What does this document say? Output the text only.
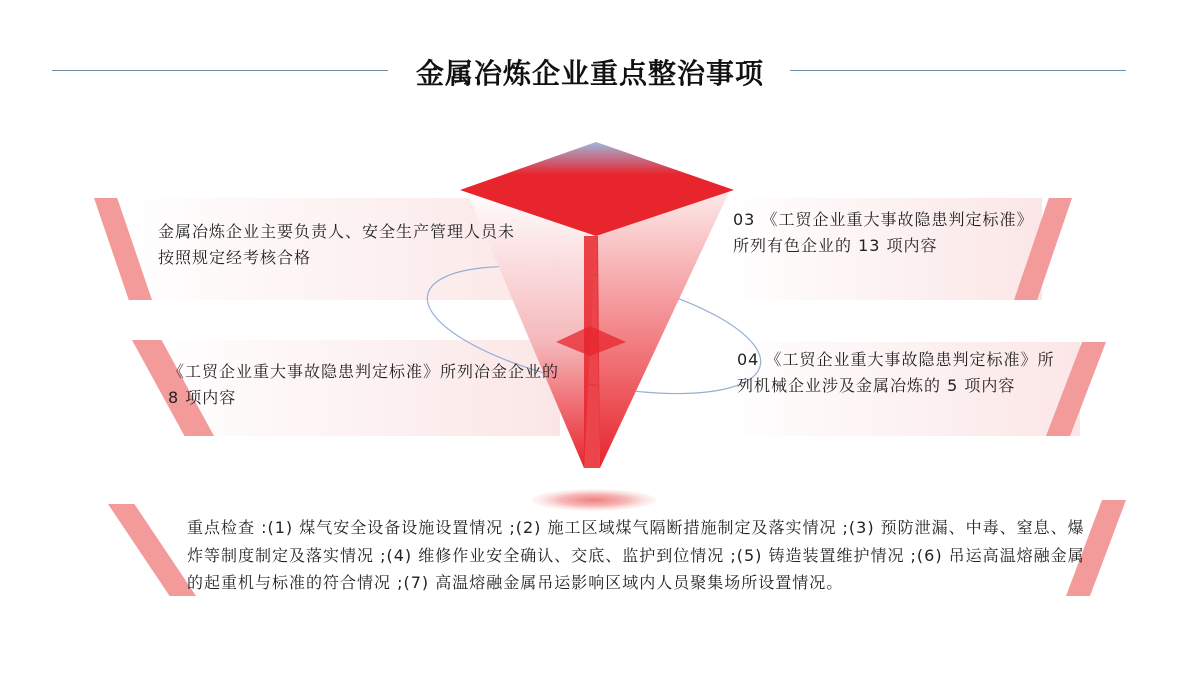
金属冶炼企业重点整治事项
金属冶炼企业主要负责人、安全生产管理人员未按照规定经考核合格
《工贸企业重大事故隐患判定标准》所列冶金企业的 8 项内容
03 《工贸企业重大事故隐患判定标准》所列有色企业的 13 项内容
04 《工贸企业重大事故隐患判定标准》所列机械企业涉及金属冶炼的 5 项内容
重点检查 :(1) 煤气安全设备设施设置情况 ;(2) 施工区域煤气隔断措施制定及落实情况 ;(3) 预防泄漏、中毒、窒息、爆炸等制度制定及落实情况 ;(4) 维修作业安全确认、交底、监护到位情况 ;(5) 铸造装置维护情况 ;(6) 吊运高温熔融金属的起重机与标准的符合情况 ;(7) 高温熔融金属吊运影响区域内人员聚集场所设置情况。
